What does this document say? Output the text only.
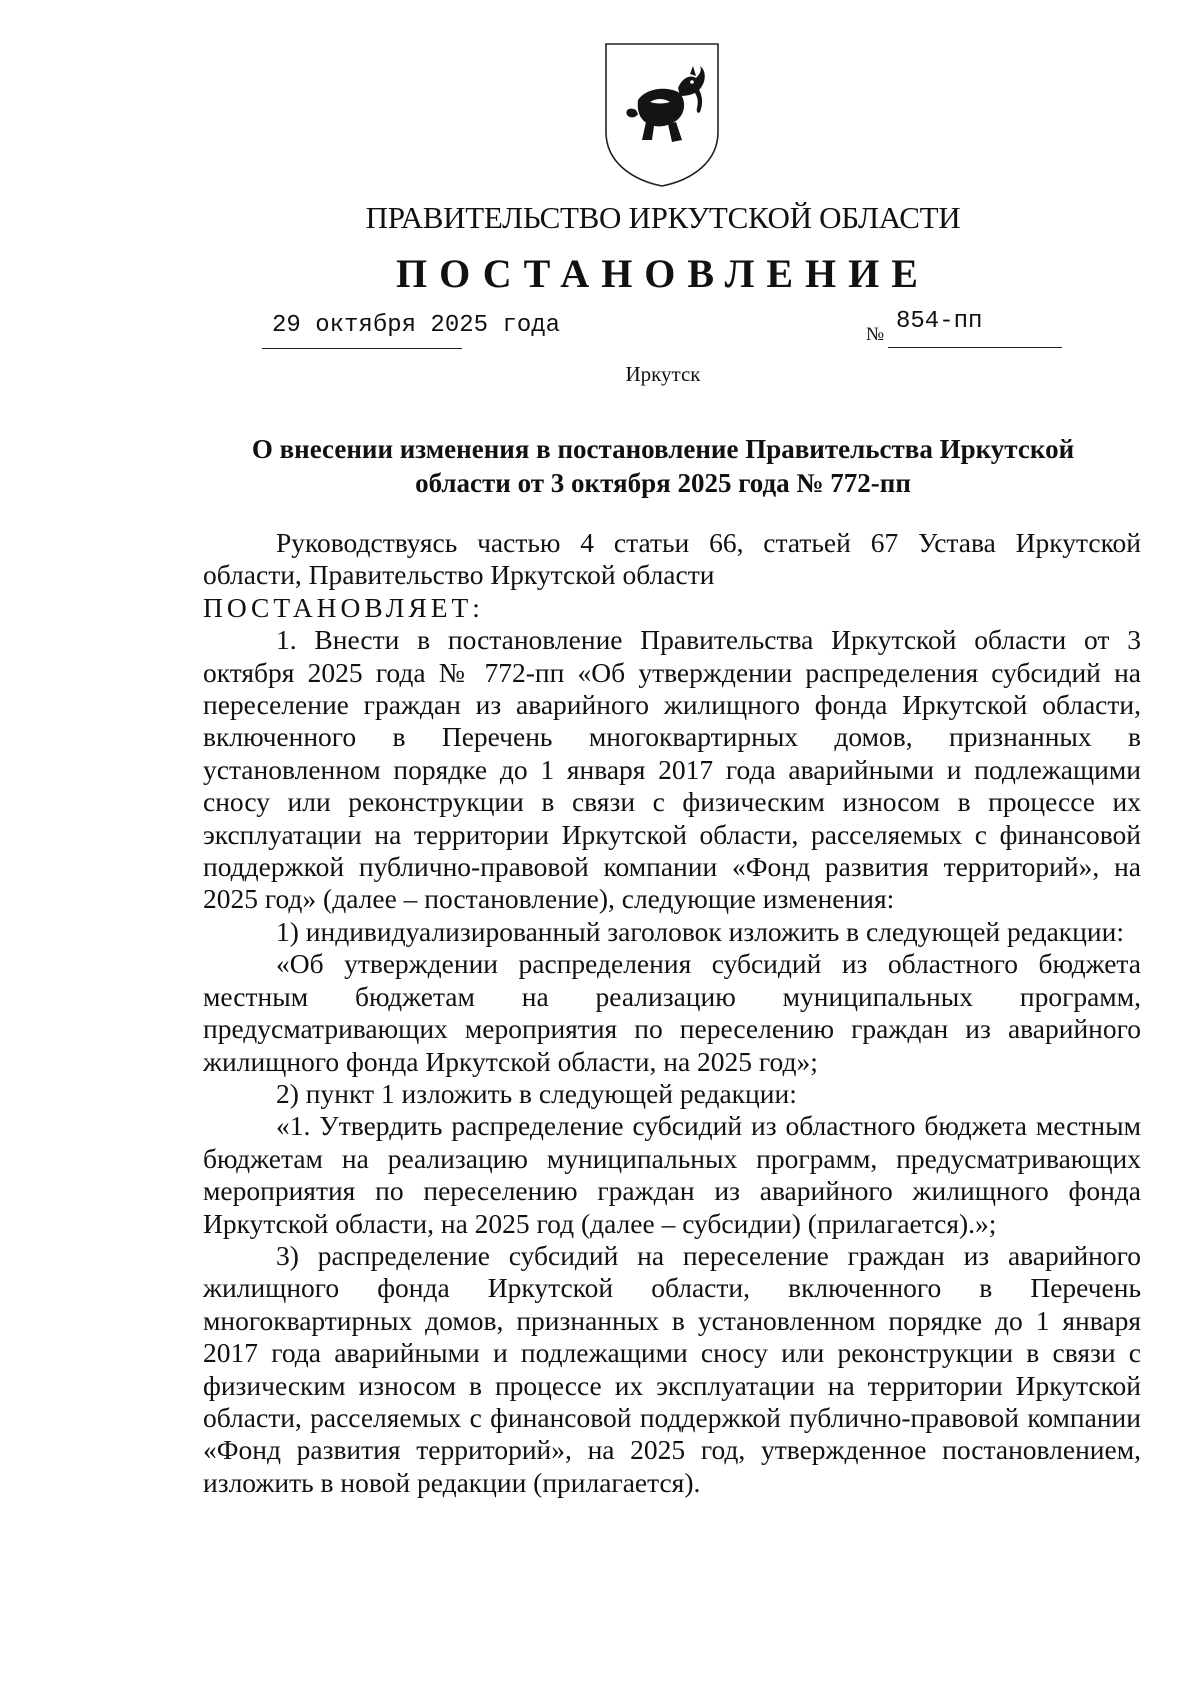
ПРАВИТЕЛЬСТВО ИРКУТСКОЙ ОБЛАСТИ
ПОСТАНОВЛЕНИЕ
29 октября 2025 года	№ 854-пп
Иркутск
О внесении изменения в постановление Правительства Иркутской
области от 3 октября 2025 года № 772-пп

Руководствуясь частью 4 статьи 66, статьей 67 Устава Иркутской области, Правительство Иркутской области

ПОСТАНОВЛЯЕТ:

1. Внести в постановление Правительства Иркутской области от 3 октября 2025 года № 772-пп «Об утверждении распределения субсидий на переселение граждан из аварийного жилищного фонда Иркутской области, включенного в Перечень многоквартирных домов, признанных в установленном порядке до 1 января 2017 года аварийными и подлежащими сносу или реконструкции в связи с физическим износом в процессе их эксплуатации на территории Иркутской области, расселяемых с финансовой поддержкой публично-правовой компании «Фонд развития территорий», на 2025 год» (далее – постановление), следующие изменения:

1) индивидуализированный заголовок изложить в следующей редакции:

«Об утверждении распределения субсидий из областного бюджета местным бюджетам на реализацию муниципальных программ, предусматривающих мероприятия по переселению граждан из аварийного жилищного фонда Иркутской области, на 2025 год»;

2) пункт 1 изложить в следующей редакции:

«1. Утвердить распределение субсидий из областного бюджета местным бюджетам на реализацию муниципальных программ, предусматривающих мероприятия по переселению граждан из аварийного жилищного фонда Иркутской области, на 2025 год (далее – субсидии) (прилагается).»;

3) распределение субсидий на переселение граждан из аварийного жилищного фонда Иркутской области, включенного в Перечень многоквартирных домов, признанных в установленном порядке до 1 января 2017 года аварийными и подлежащими сносу или реконструкции в связи с физическим износом в процессе их эксплуатации на территории Иркутской области, расселяемых с финансовой поддержкой публично-правовой компании «Фонд развития территорий», на 2025 год, утвержденное постановлением, изложить в новой редакции (прилагается).
